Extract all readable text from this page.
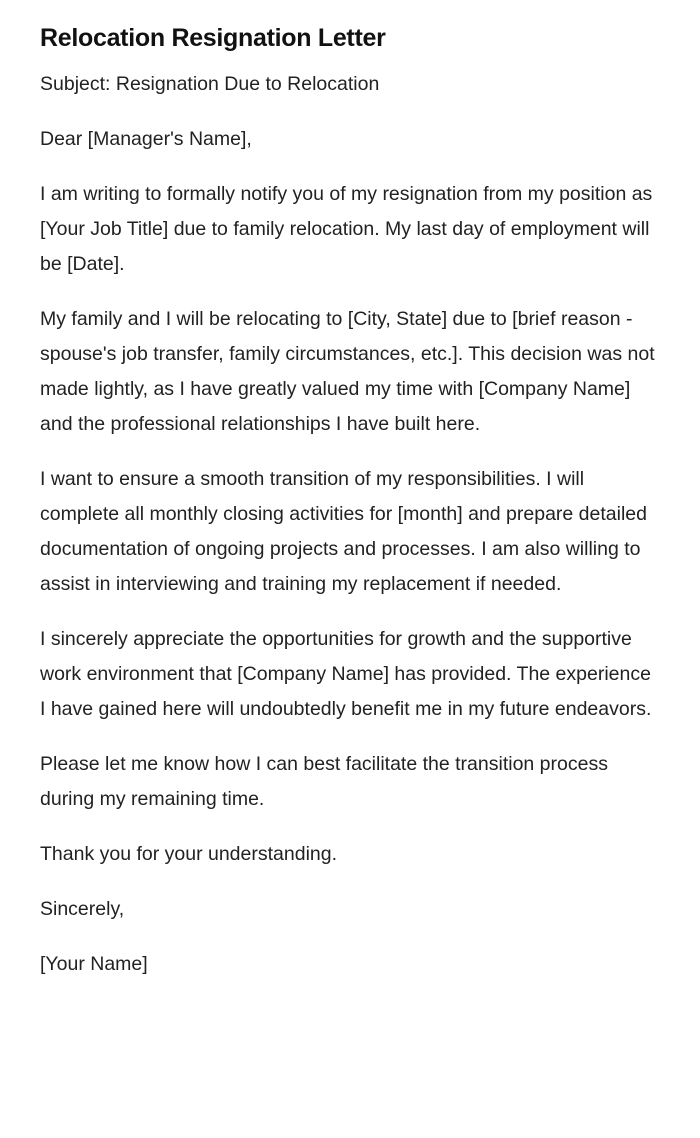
Relocation Resignation Letter

Subject: Resignation Due to Relocation

Dear [Manager's Name],

I am writing to formally notify you of my resignation from my position as [Your Job Title] due to family relocation. My last day of employment will be [Date].

My family and I will be relocating to [City, State] due to [brief reason - spouse's job transfer, family circumstances, etc.]. This decision was not made lightly, as I have greatly valued my time with [Company Name] and the professional relationships I have built here.

I want to ensure a smooth transition of my responsibilities. I will complete all monthly closing activities for [month] and prepare detailed documentation of ongoing projects and processes. I am also willing to assist in interviewing and training my replacement if needed.

I sincerely appreciate the opportunities for growth and the supportive work environment that [Company Name] has provided. The experience I have gained here will undoubtedly benefit me in my future endeavors.

Please let me know how I can best facilitate the transition process during my remaining time.

Thank you for your understanding.

Sincerely,

[Your Name]
